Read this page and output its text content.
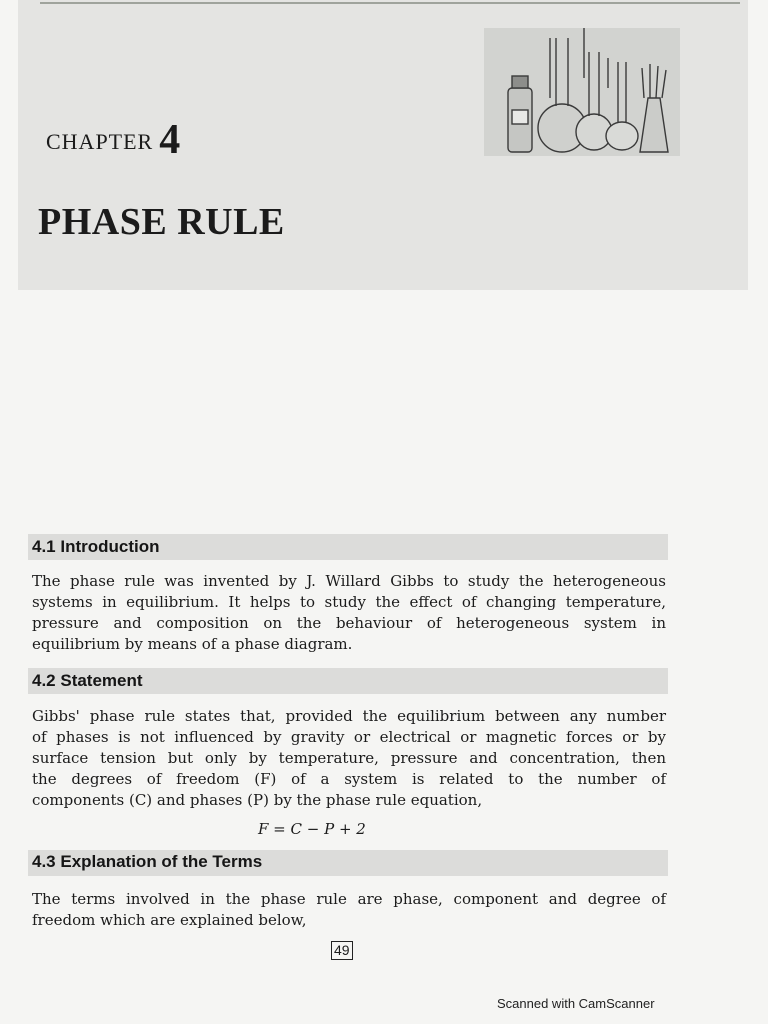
CHAPTER 4
PHASE RULE
4.1 Introduction
The phase rule was invented by J. Willard Gibbs to study the heterogeneous
systems in equilibrium. It helps to study the effect of changing temperature,
pressure and composition on the behaviour of heterogeneous system in
equilibrium by means of a phase diagram.
4.2 Statement
Gibbs' phase rule states that, provided the equilibrium between any number
of phases is not influenced by gravity or electrical or magnetic forces or by
surface tension but only by temperature, pressure and concentration, then
the degrees of freedom (F) of a system is related to the number of
components (C) and phases (P) by the phase rule equation,
F = C − P + 2
4.3 Explanation of the Terms
The terms involved in the phase rule are phase, component and degree of
freedom which are explained below,
49
Scanned with CamScanner
